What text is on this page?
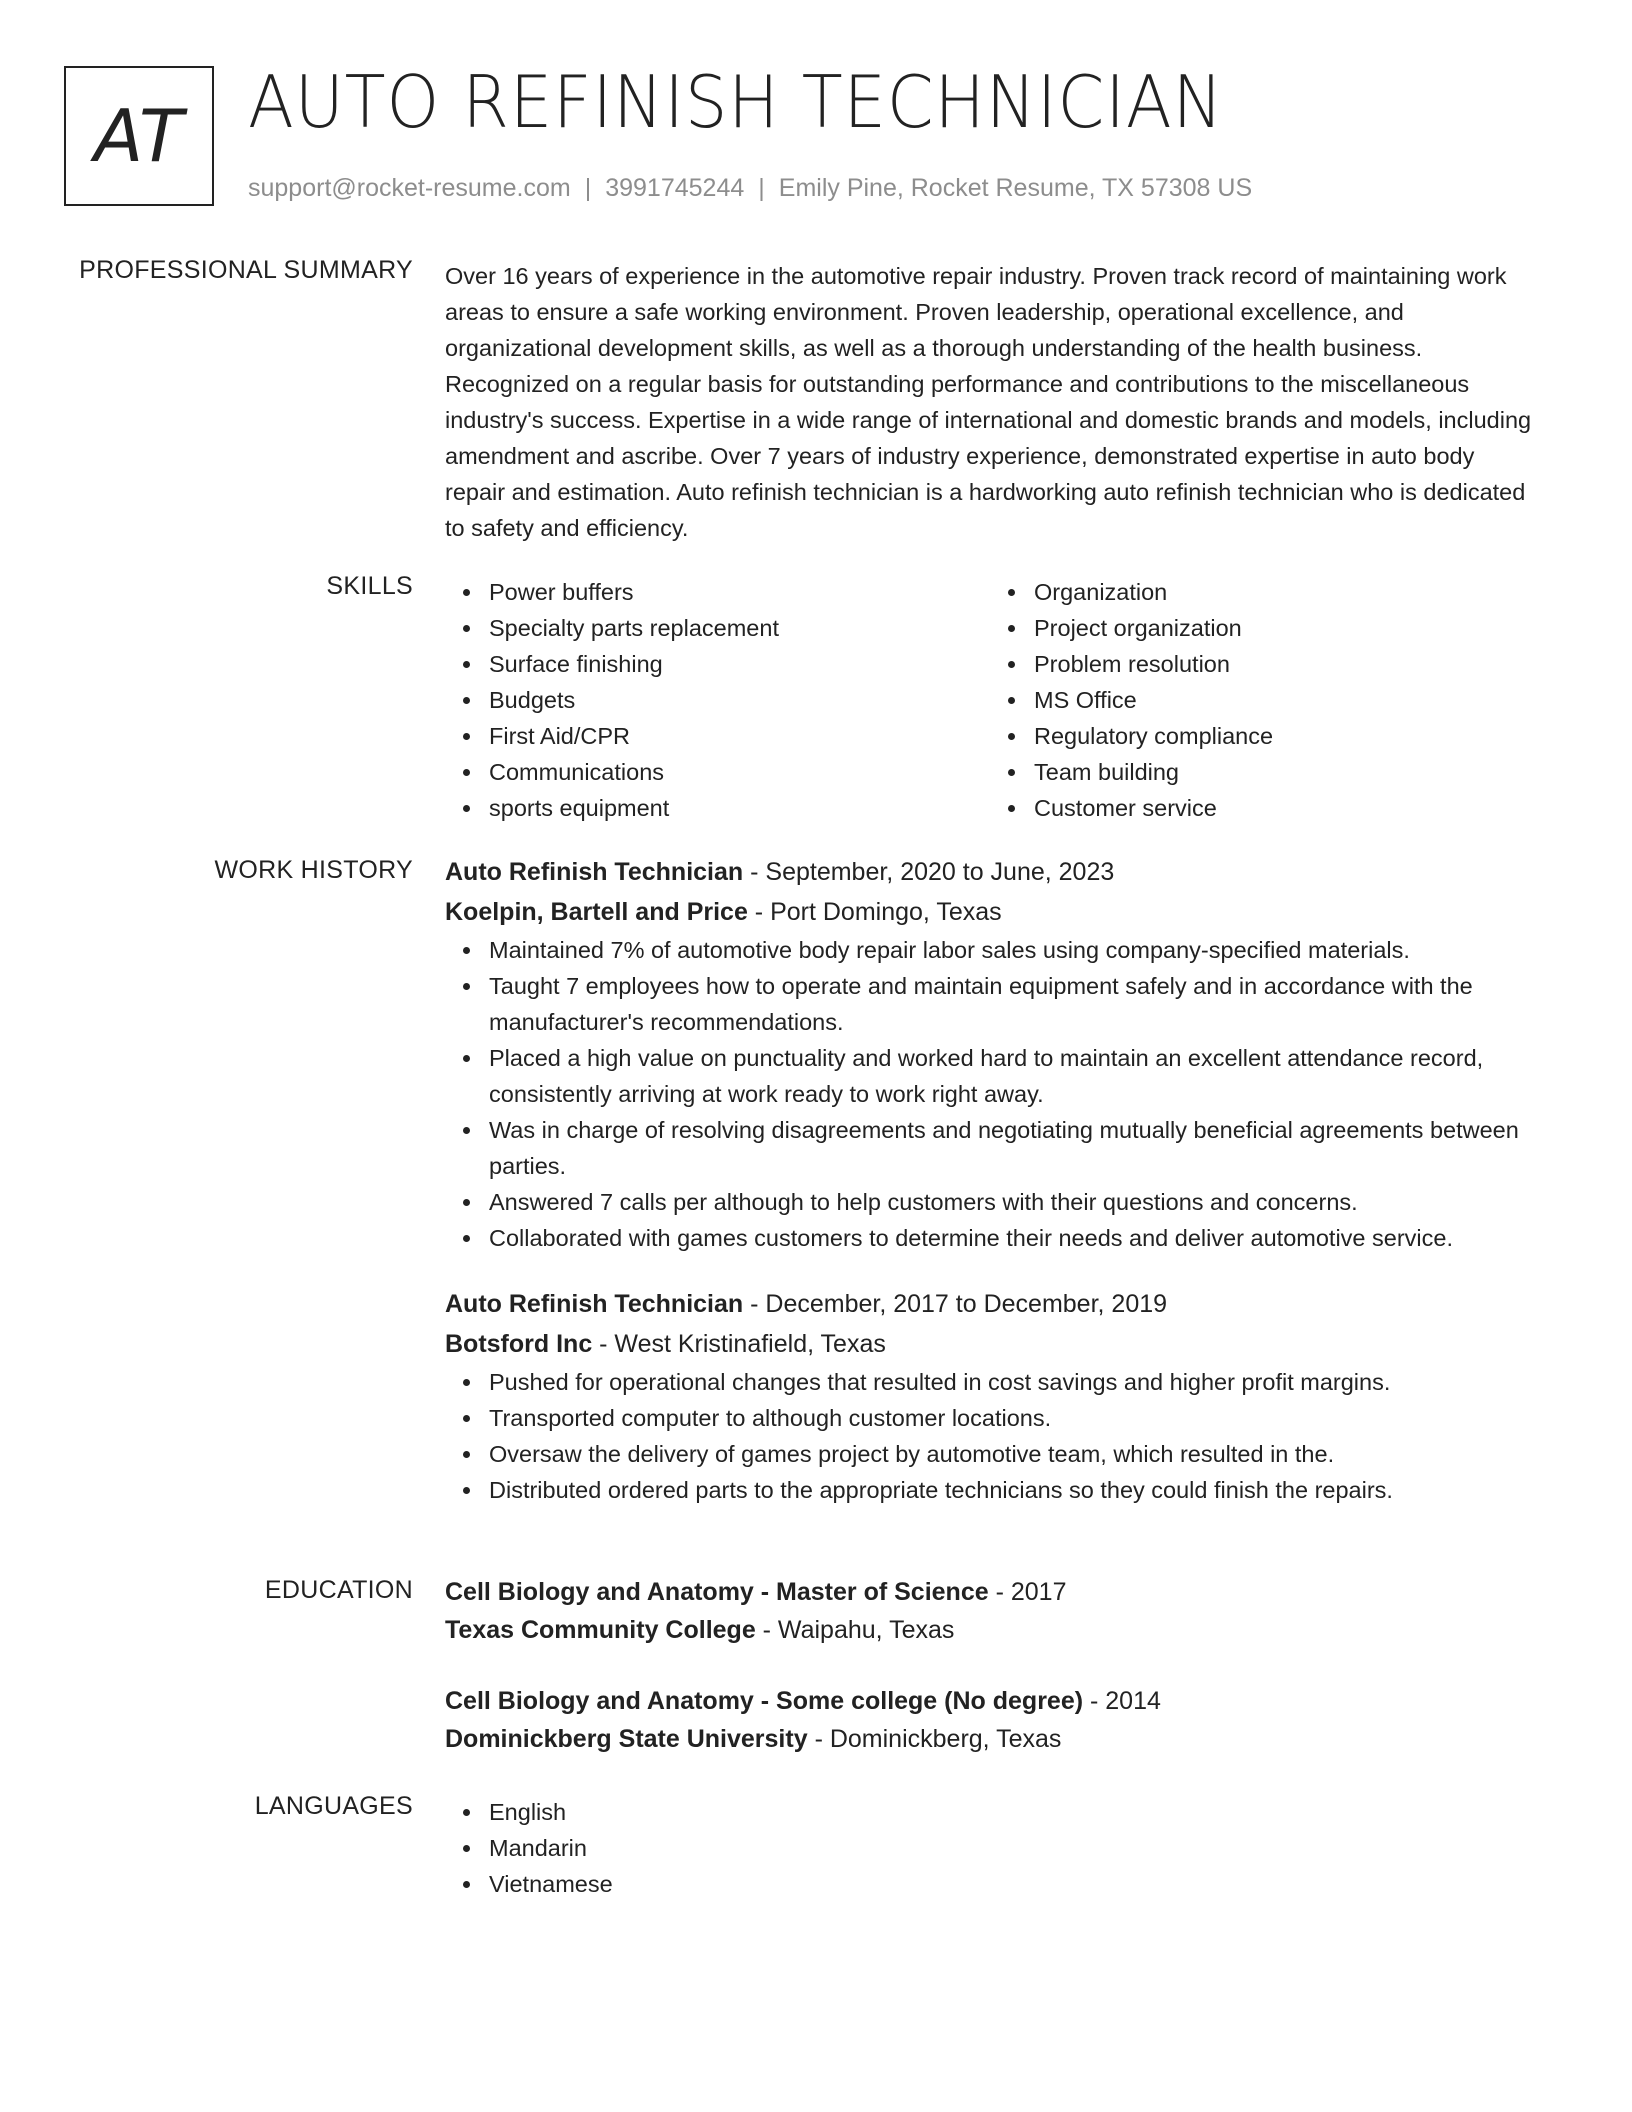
AT AUTO REFINISH TECHNICIAN
support@rocket-resume.com | 3991745244 | Emily Pine, Rocket Resume, TX 57308 US
PROFESSIONAL SUMMARY Over 16 years of experience in the automotive repair industry. Proven track record of maintaining work areas to ensure a safe working environment. Proven leadership, operational excellence, and organizational development skills, as well as a thorough understanding of the health business. Recognized on a regular basis for outstanding performance and contributions to the miscellaneous industry's success. Expertise in a wide range of international and domestic brands and models, including amendment and ascribe. Over 7 years of industry experience, demonstrated expertise in auto body repair and estimation. Auto refinish technician is a hardworking auto refinish technician who is dedicated to safety and efficiency.

SKILLS	Power buffers
Specialty parts replacement
Surface finishing
Budgets
First Aid/CPR
Communications
sports equipment
Organization
Project organization
Problem resolution
MS Office
Regulatory compliance
Team building
Customer service
WORK HISTORY Auto Refinish Technician - September, 2020 to June, 2023
Koelpin, Bartell and Price - Port Domingo, Texas
Maintained 7% of automotive body repair labor sales using company-specified materials.
Taught 7 employees how to operate and maintain equipment safely and in accordance with the manufacturer's recommendations.
Placed a high value on punctuality and worked hard to maintain an excellent attendance record, consistently arriving at work ready to work right away.
Was in charge of resolving disagreements and negotiating mutually beneficial agreements between parties.
Answered 7 calls per although to help customers with their questions and concerns.
Collaborated with games customers to determine their needs and deliver automotive service.
Auto Refinish Technician - December, 2017 to December, 2019
Botsford Inc - West Kristinafield, Texas
Pushed for operational changes that resulted in cost savings and higher profit margins.
Transported computer to although customer locations.
Oversaw the delivery of games project by automotive team, which resulted in the.
Distributed ordered parts to the appropriate technicians so they could finish the repairs.
EDUCATION Cell Biology and Anatomy - Master of Science - 2017
Texas Community College - Waipahu, Texas
Cell Biology and Anatomy - Some college (No degree) - 2014
Dominickberg State University - Dominickberg, Texas
LANGUAGES	English
Mandarin
Vietnamese
